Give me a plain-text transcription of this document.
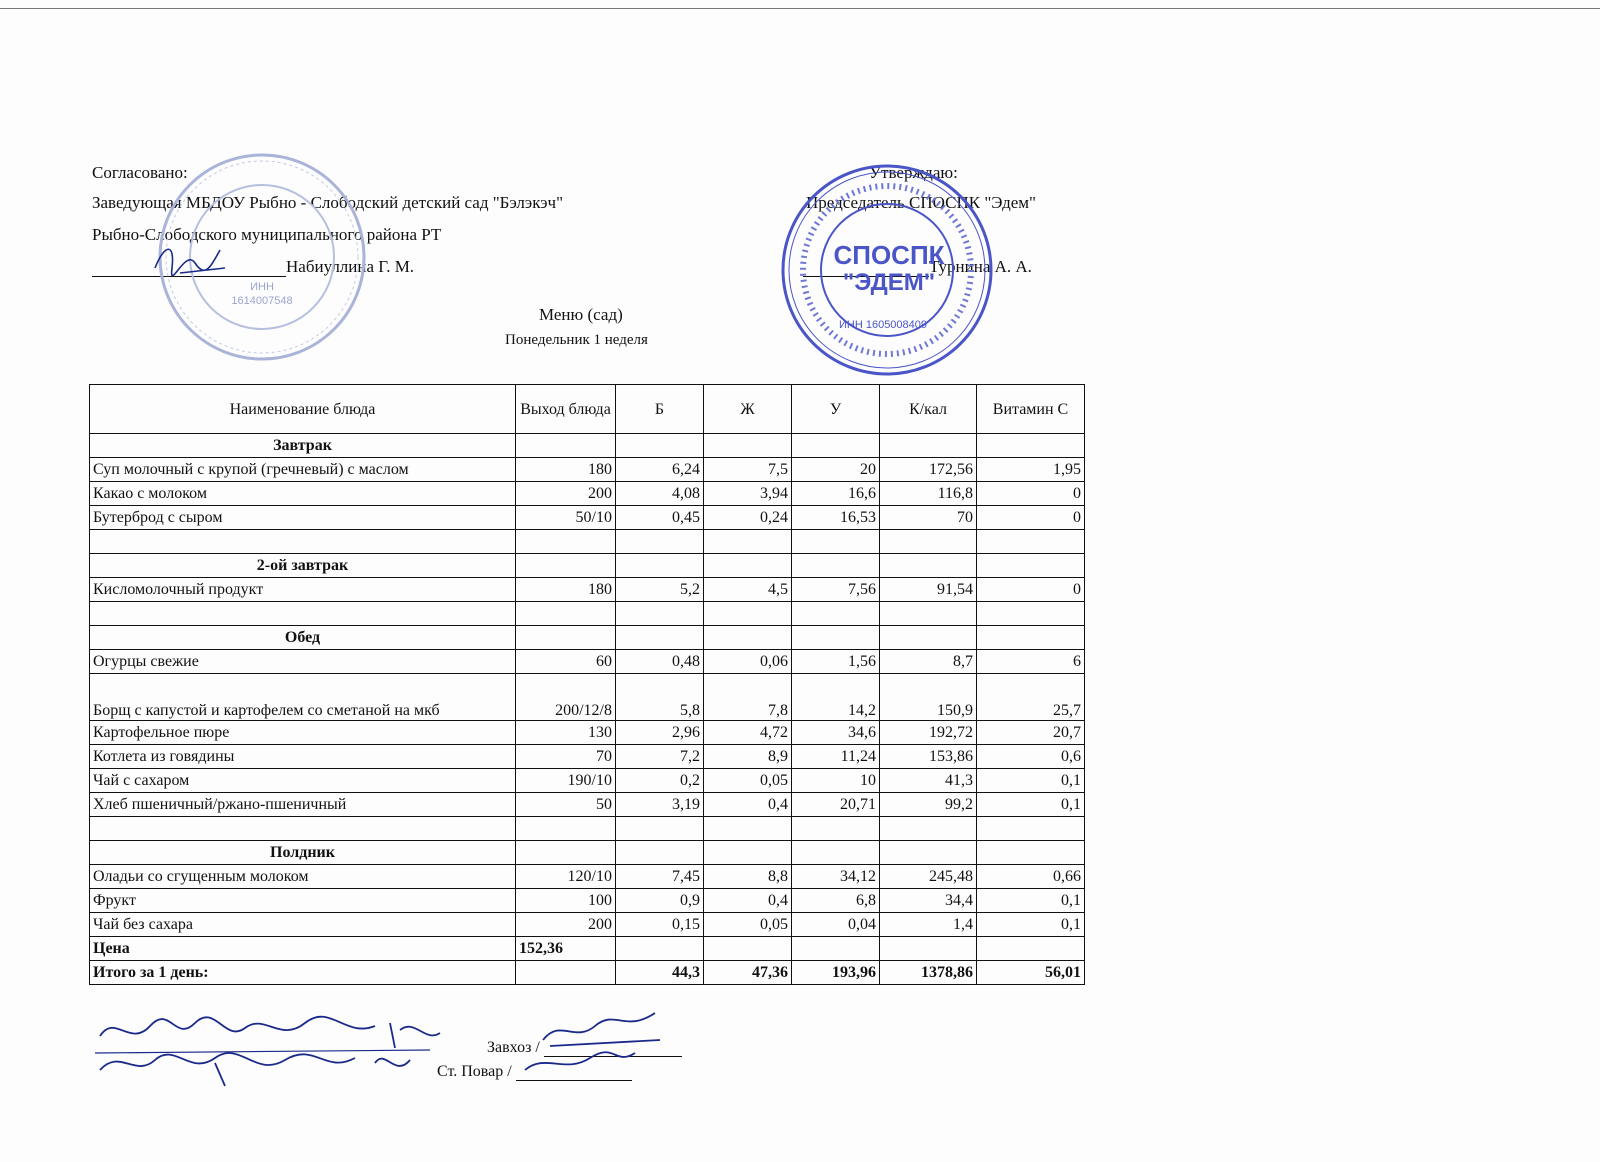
Согласовано:
Заведующая МБДОУ Рыбно - Слободский детский сад "Бэлэкэч"
Рыбно-Слободского муниципального района РТ
Набиуллина Г. М.
Утверждаю:
Председатель СПОСПК "Эдем"
Турнина А. А.
Меню (сад)
Понедельник 1 неделя
ИНН
1614007548
СПОСПК
"ЭДЕМ"
ИНН 1605008409
Наименование блюда	Выход блюда	Б	Ж	У	К/кал	Витамин С
Завтрак						
Суп молочный с крупой (гречневый) с маслом	180	6,24	7,5	20	172,56	1,95
Какао с молоком	200	4,08	3,94	16,6	116,8	0
Бутерброд с сыром	50/10	0,45	0,24	16,53	70	0

2-ой завтрак						
Кисломолочный продукт	180	5,2	4,5	7,56	91,54	0

Обед						
Огурцы свежие	60	0,48	0,06	1,56	8,7	6
Борщ с капустой и картофелем со сметаной на мкб	200/12/8	5,8	7,8	14,2	150,9	25,7
Картофельное пюре	130	2,96	4,72	34,6	192,72	20,7
Котлета из говядины	70	7,2	8,9	11,24	153,86	0,6
Чай с сахаром	190/10	0,2	0,05	10	41,3	0,1
Хлеб пшеничный/ржано-пшеничный	50	3,19	0,4	20,71	99,2	0,1

Полдник						
Оладьи со сгущенным молоком	120/10	7,45	8,8	34,12	245,48	0,66
Фрукт	100	0,9	0,4	6,8	34,4	0,1
Чай без сахара	200	0,15	0,05	0,04	1,4	0,1
Цена	152,36					
Итого за 1 день:		44,3	47,36	193,96	1378,86	56,01
Завхоз /
Ст. Повар /
